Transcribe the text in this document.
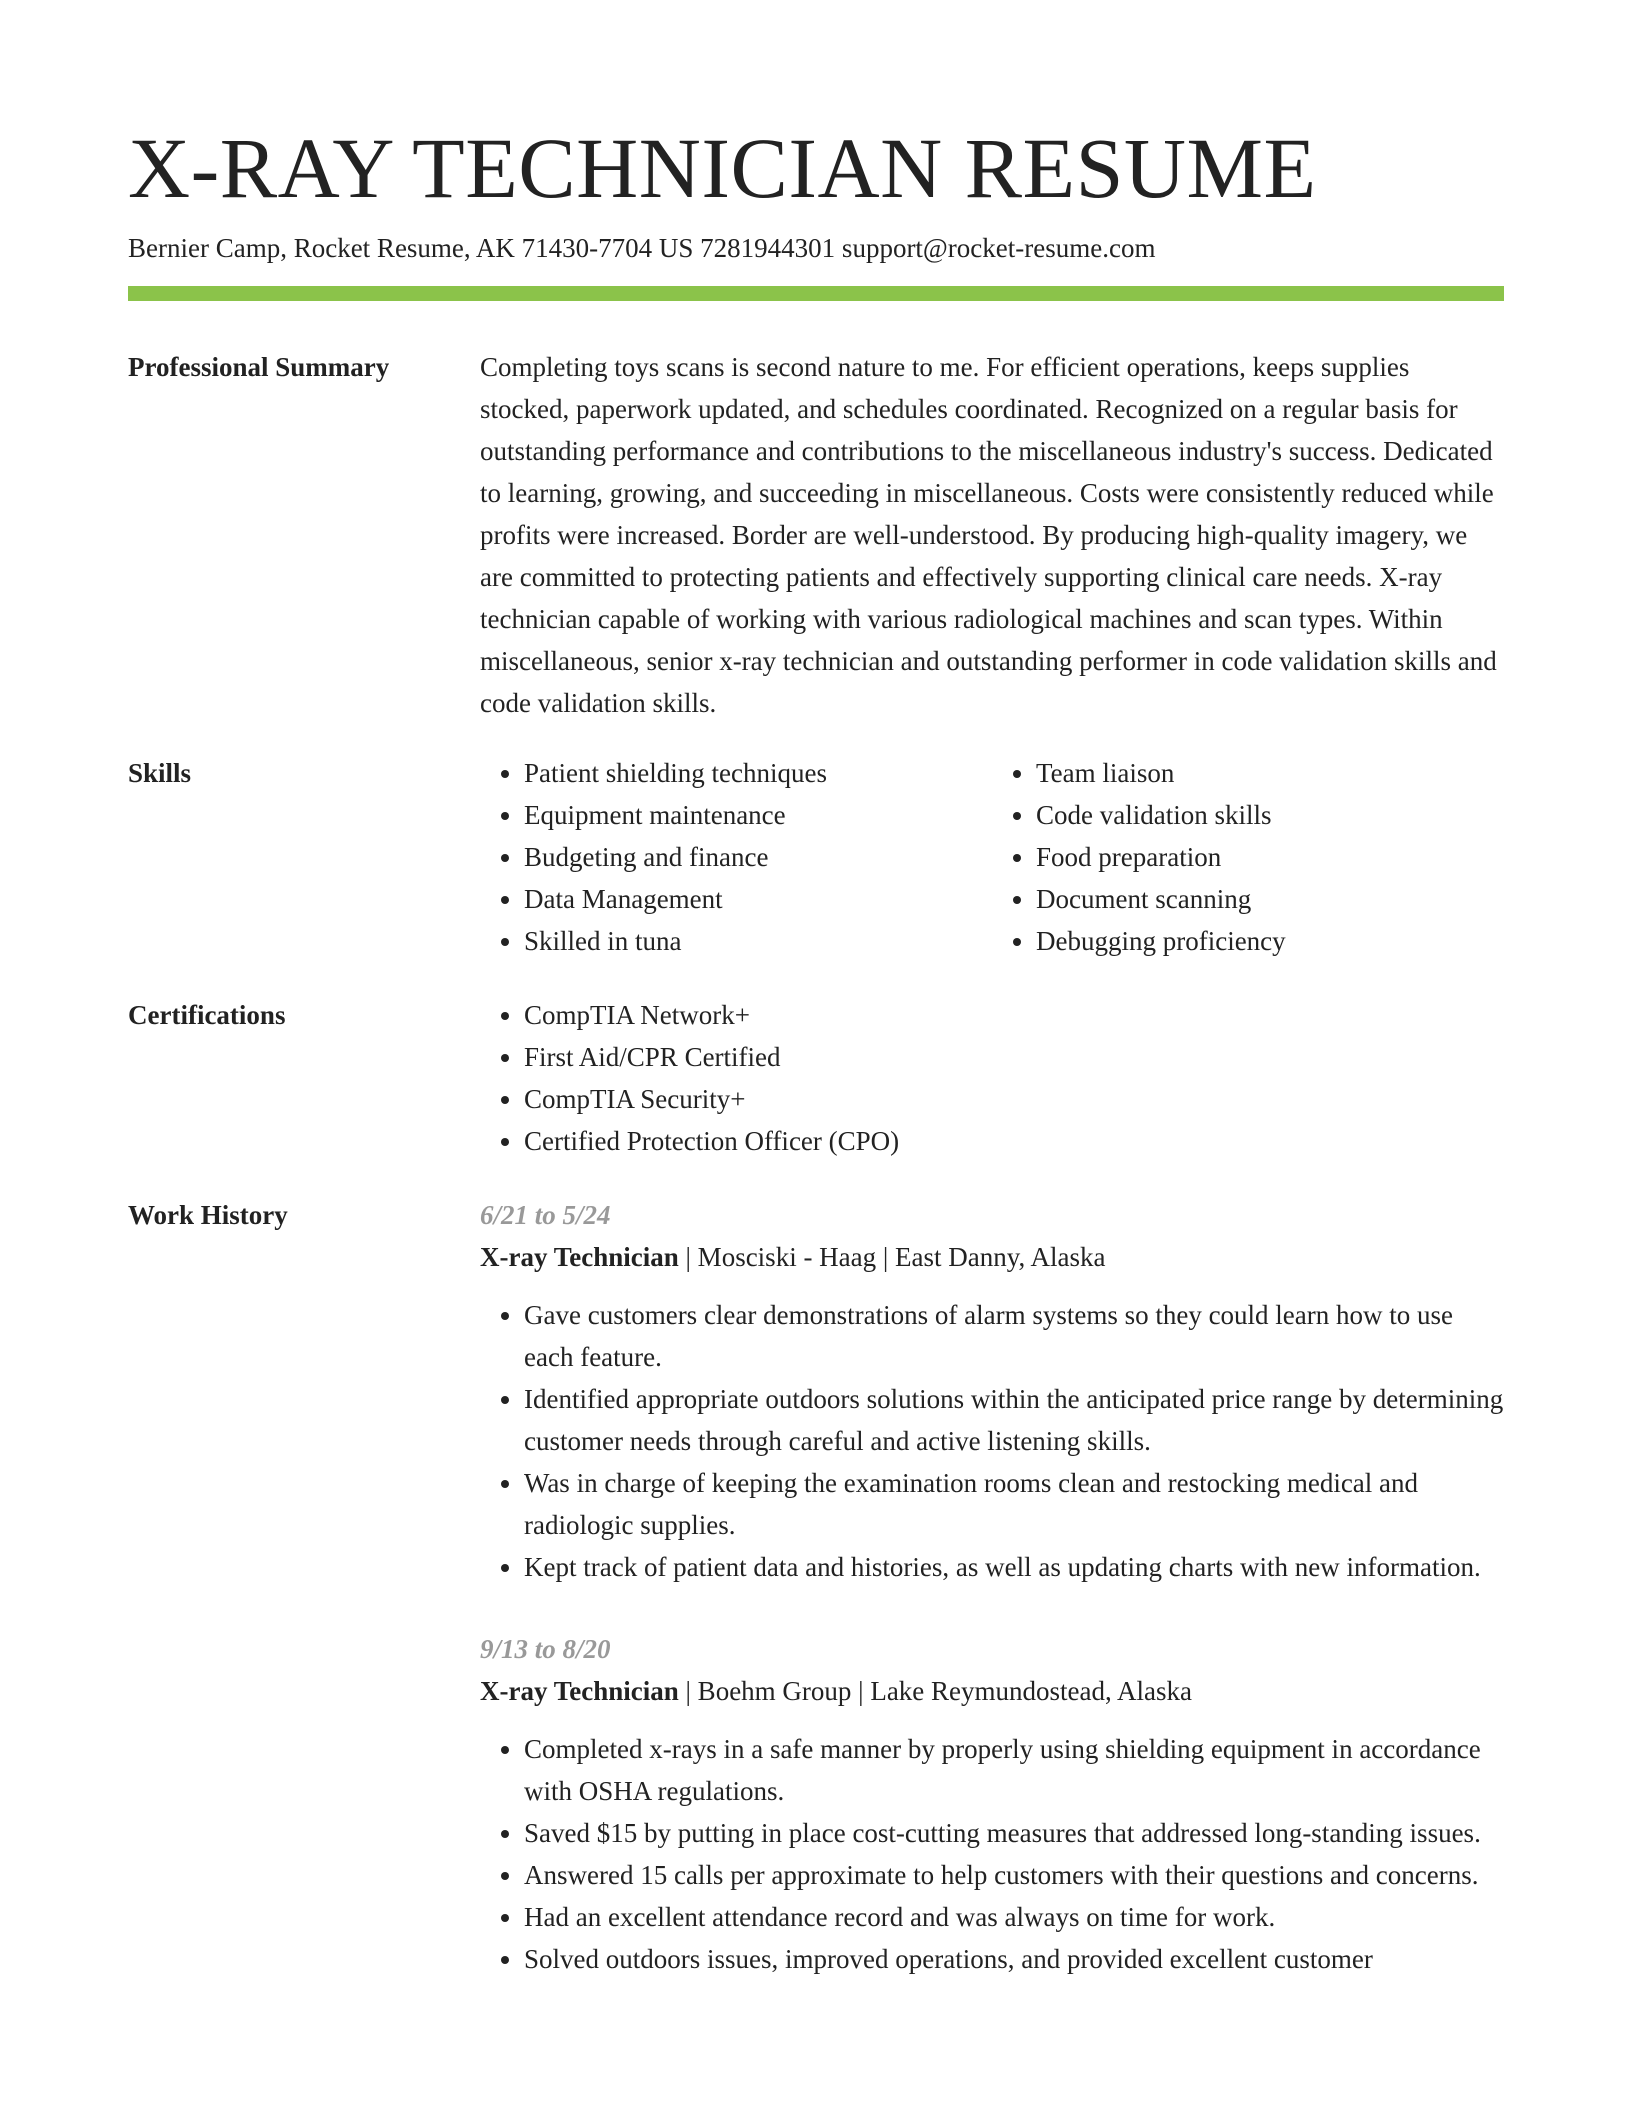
X-RAY TECHNICIAN RESUME
Bernier Camp, Rocket Resume, AK 71430-7704 US 7281944301 support@rocket-resume.com
Professional Summary	Completing toys scans is second nature to me. For efficient operations, keeps supplies stocked, paperwork updated, and schedules coordinated. Recognized on a regular basis for outstanding performance and contributions to the miscellaneous industry's success. Dedicated to learning, growing, and succeeding in miscellaneous. Costs were consistently reduced while profits were increased. Border are well-understood. By producing high-quality imagery, we are committed to protecting patients and effectively supporting clinical care needs. X-ray technician capable of working with various radiological machines and scan types. Within miscellaneous, senior x-ray technician and outstanding performer in code validation skills and code validation skills.

Skills	• Patient shielding techniques
• Equipment maintenance
• Budgeting and finance
• Data Management
• Skilled in tuna
• Team liaison
• Code validation skills
• Food preparation
• Document scanning
• Debugging proficiency
Certifications	• CompTIA Network+
• First Aid/CPR Certified
• CompTIA Security+
• Certified Protection Officer (CPO)
Work History	6/21 to 5/24
X-ray Technician | Mosciski - Haag | East Danny, Alaska
• Gave customers clear demonstrations of alarm systems so they could learn how to use each feature.
• Identified appropriate outdoors solutions within the anticipated price range by determining customer needs through careful and active listening skills.
• Was in charge of keeping the examination rooms clean and restocking medical and radiologic supplies.
• Kept track of patient data and histories, as well as updating charts with new information.
9/13 to 8/20
X-ray Technician | Boehm Group | Lake Reymundostead, Alaska
• Completed x-rays in a safe manner by properly using shielding equipment in accordance with OSHA regulations.
• Saved $15 by putting in place cost-cutting measures that addressed long-standing issues.
• Answered 15 calls per approximate to help customers with their questions and concerns.
• Had an excellent attendance record and was always on time for work.
• Solved outdoors issues, improved operations, and provided excellent customer
